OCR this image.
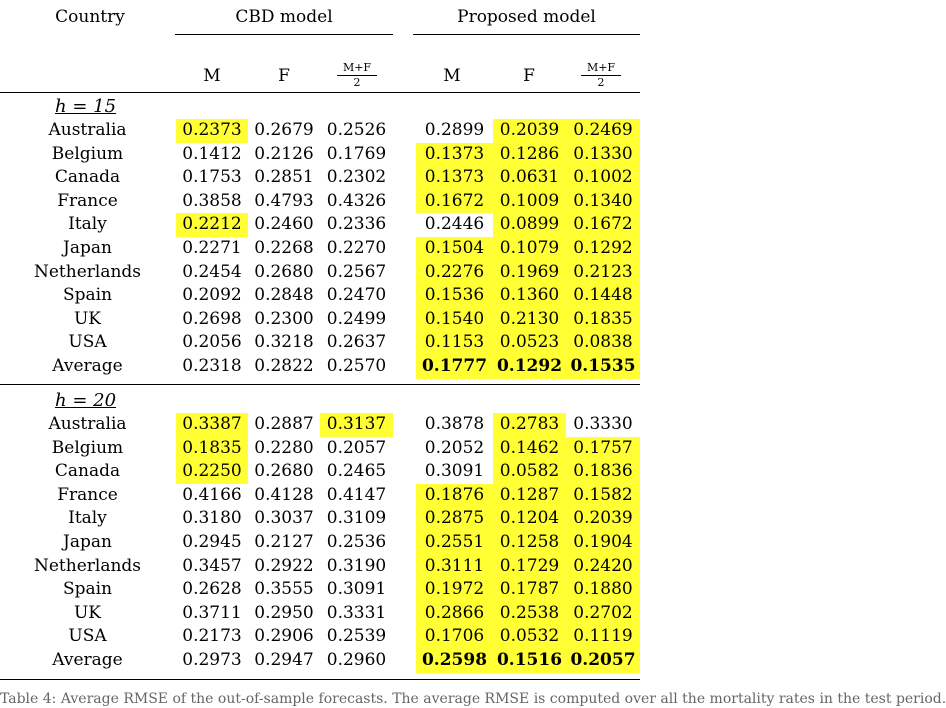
Country	CBD model	Proposed model
M	F	$\frac{M+F}{2}$	M	F	$\frac{M+F}{2}$
h = 15
h = 20
Table 4: Average RMSE of the out-of-sample forecasts. The average RMSE is computed over all the mortality rates in the test period.
Australia	0.2373 0.2679 0.2526	0.2899 0.2039 0.2469
Belgium	0.1412 0.2126 0.1769	0.1373 0.1286 0.1330
Canada	0.1753 0.2851 0.2302	0.1373 0.0631 0.1002
France	0.3858 0.4793 0.4326	0.1672 0.1009 0.1340
Italy	0.2212 0.2460 0.2336	0.2446 0.0899 0.1672
Japan	0.2271 0.2268 0.2270	0.1504 0.1079 0.1292
Netherlands	0.2454 0.2680 0.2567	0.2276 0.1969 0.2123
Spain	0.2092 0.2848 0.2470	0.1536 0.1360 0.1448
UK	0.2698 0.2300 0.2499	0.1540 0.2130 0.1835
USA	0.2056 0.3218 0.2637	0.1153 0.0523 0.0838
Average	0.2318 0.2822 0.2570	0.1777 0.1292 0.1535
Australia	0.3387 0.2887 0.3137	0.3878 0.2783 0.3330
Belgium	0.1835 0.2280 0.2057	0.2052 0.1462 0.1757
Canada	0.2250 0.2680 0.2465	0.3091 0.0582 0.1836
France	0.4166 0.4128 0.4147	0.1876 0.1287 0.1582
Italy	0.3180 0.3037 0.3109	0.2875 0.1204 0.2039
Japan	0.2945 0.2127 0.2536	0.2551 0.1258 0.1904
Netherlands	0.3457 0.2922 0.3190	0.3111 0.1729 0.2420
Spain	0.2628 0.3555 0.3091	0.1972 0.1787 0.1880
UK	0.3711 0.2950 0.3331	0.2866 0.2538 0.2702
USA	0.2173 0.2906 0.2539	0.1706 0.0532 0.1119
Average	0.2973 0.2947 0.2960	0.2598 0.1516 0.2057
